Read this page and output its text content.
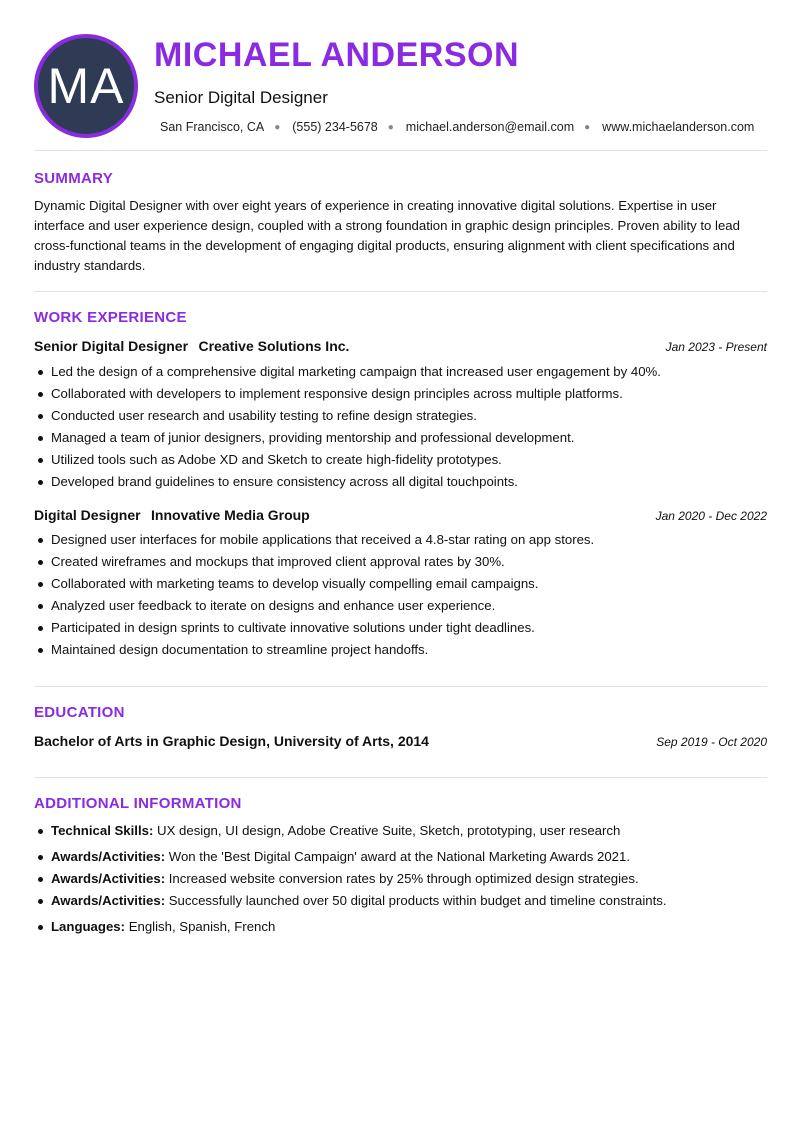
MA
MICHAEL ANDERSON
Senior Digital Designer
San Francisco, CA ● (555) 234-5678 ● michael.anderson@email.com ● www.michaelanderson.com
SUMMARY

Dynamic Digital Designer with over eight years of experience in creating innovative digital solutions. Expertise in user interface and user experience design, coupled with a strong foundation in graphic design principles. Proven ability to lead cross-functional teams in the development of engaging digital products, ensuring alignment with client specifications and industry standards.

WORK EXPERIENCE
Senior Digital Designer Creative Solutions Inc.	Jan 2023 - Present
Led the design of a comprehensive digital marketing campaign that increased user engagement by 40%.
Collaborated with developers to implement responsive design principles across multiple platforms.
Conducted user research and usability testing to refine design strategies.
Managed a team of junior designers, providing mentorship and professional development.
Utilized tools such as Adobe XD and Sketch to create high-fidelity prototypes.
Developed brand guidelines to ensure consistency across all digital touchpoints.
Digital Designer Innovative Media Group	Jan 2020 - Dec 2022
Designed user interfaces for mobile applications that received a 4.8-star rating on app stores.
Created wireframes and mockups that improved client approval rates by 30%.
Collaborated with marketing teams to develop visually compelling email campaigns.
Analyzed user feedback to iterate on designs and enhance user experience.
Participated in design sprints to cultivate innovative solutions under tight deadlines.
Maintained design documentation to streamline project handoffs.
EDUCATION
Bachelor of Arts in Graphic Design, University of Arts, 2014	Sep 2019 - Oct 2020
ADDITIONAL INFORMATION
Technical Skills: UX design, UI design, Adobe Creative Suite, Sketch, prototyping, user research
Awards/Activities: Won the 'Best Digital Campaign' award at the National Marketing Awards 2021.
Awards/Activities: Increased website conversion rates by 25% through optimized design strategies.
Awards/Activities: Successfully launched over 50 digital products within budget and timeline constraints.
Languages: English, Spanish, French
